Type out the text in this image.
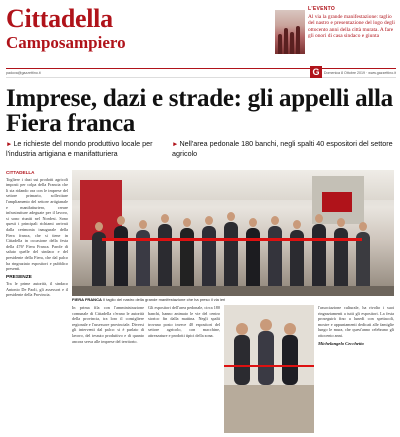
Cittadella
Camposampiero
L'EVENTO
Al via la grande manifestazione: taglio del nastro e presentazione del logo degli ottocento anni della città murata. A fare gli onori di casa sindaco e giunta
padova@gazzettino.it	Domenica 8 Ottobre 2019 · www.gazzettino.it
G
Imprese, dazi e strade: gli appelli alla Fiera franca
►Le richieste del mondo produttivo locale per l'industria artigiana e manifatturiera
►Nell'area pedonale 180 banchi, negli spalti 40 espositori del settore agricolo
CITTADELLA
Togliere i dazi sui prodotti agricoli imposti per colpa della Francia che li sta ridando ora con le imprese del settore primario, sollecitare l'ampliamento del settore artigianale e manifatturiero, creare infrastrutture adeguate per il lavoro, si sono riuniti nel Nordest. Sono questi i principali richiami arrivati dalla cerimonia inaugurale della Fiera franca, che si tiene in Cittadella in occasione della festa della 476ª Fiera Franca. Parole di saluto quelle del sindaco e del presidente della Fiera, che dal palco ha ringraziato espositori e pubblico presenti.
PRESENZE
Tra le prime autorità, il sindaco Antonio De Paoli, gli assessori e il presidente della Provincia.
FIERA FRANCA Il taglio del nastro della grande manifestazione che ha preso il via ieri
In prima fila con l'amministrazione comunale di Cittadella c'erano le autorità della provincia, tra loro il consigliere regionale e l'assessore provinciale. Diversi gli interventi dal palco: si è parlato di lavoro, del tessuto produttivo e di quanto ancora serva alle imprese del territorio.
Gli espositori dell'area pedonale, circa 180 banchi, hanno animato le vie del centro storico fin dalla mattina. Negli spalti trovano posto invece 40 espositori del settore agricolo, con macchine, attrezzature e prodotti tipici della zona.
l'associazione culturale, ha rivolto i suoi ringraziamenti a tutti gli espositori. La festa proseguirà fino a lunedì con spettacoli, mostre e appuntamenti dedicati alle famiglie lungo le mura, che quest'anno celebrano gli ottocento anni.
Michelangelo Cecchetto
